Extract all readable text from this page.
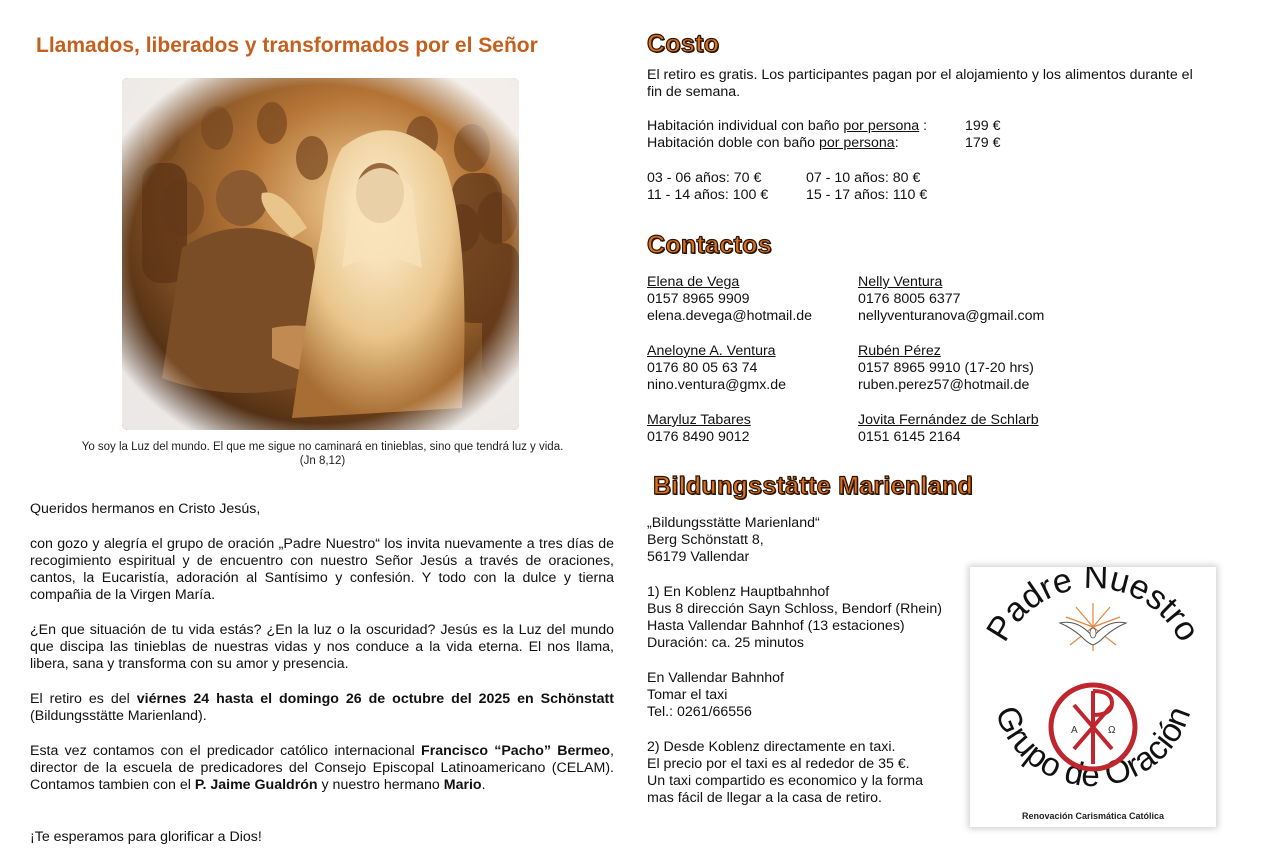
Llamados, liberados y transformados por el Señor
Yo soy la Luz del mundo. El que me sigue no caminará en tinieblas, sino que tendrá luz y vida.
(Jn 8,12)
Queridos hermanos en Cristo Jesús,
con gozo y alegría el grupo de oración „Padre Nuestro“ los invita nuevamente a tres días de recogimiento espiritual y de encuentro con nuestro Señor Jesús a través de oraciones, cantos, la Eucaristía, adoración al Santísimo y confesión. Y todo con la dulce y tierna compañia de la Virgen María.
¿En que situación de tu vida estás? ¿En la luz o la oscuridad? Jesús es la Luz del mundo que discipa las tinieblas de nuestras vidas y nos conduce a la vida eterna. El nos llama, libera, sana y transforma con su amor y presencia.
El retiro es del viérnes 24 hasta el domingo 26 de octubre del 2025 en Schönstatt (Bildungsstätte Marienland).
Esta vez contamos con el predicador católico internacional Francisco “Pacho” Bermeo, director de la escuela de predicadores del Consejo Episcopal Latinoamericano (CELAM). Contamos tambien con el P. Jaime Gualdrón y nuestro hermano Mario.
¡Te esperamos para glorificar a Dios!
Costo
El retiro es gratis. Los participantes pagan por el alojamiento y los alimentos durante el
fin de semana.
Habitación individual con baño por persona :	199 €
Habitación doble con baño por persona:	179 €
03 - 06 años: 70 €	07 - 10 años: 80 €
11 - 14 años: 100 €	15 - 17 años: 110 €
Contactos
Elena de Vega
0157 8965 9909
elena.devega@hotmail.de
Nelly Ventura
0176 8005 6377
nellyventuranova@gmail.com
Aneloyne A. Ventura
0176 80 05 63 74
nino.ventura@gmx.de
Rubén Pérez
0157 8965 9910 (17-20 hrs)
ruben.perez57@hotmail.de
Maryluz Tabares
0176 8490 9012
Jovita Fernández de Schlarb
0151 6145 2164
Bildungsstätte Marienland
„Bildungsstätte Marienland“
Berg Schönstatt 8,
56179 Vallendar
1) En Koblenz Hauptbahnhof
Bus 8 dirección Sayn Schloss, Bendorf (Rhein)
Hasta Vallendar Bahnhof (13 estaciones)
Duración: ca. 25 minutos
En Vallendar Bahnhof
Tomar el taxi
Tel.: 0261/66556
2) Desde Koblenz directamente en taxi.
El precio por el taxi es al rededor de 35 €.
Un taxi compartido es economico y la forma
mas fácil de llegar a la casa de retiro.
Padre Nuestro
Grupo de Oración
A	Ω
Renovación Carismática Católica
